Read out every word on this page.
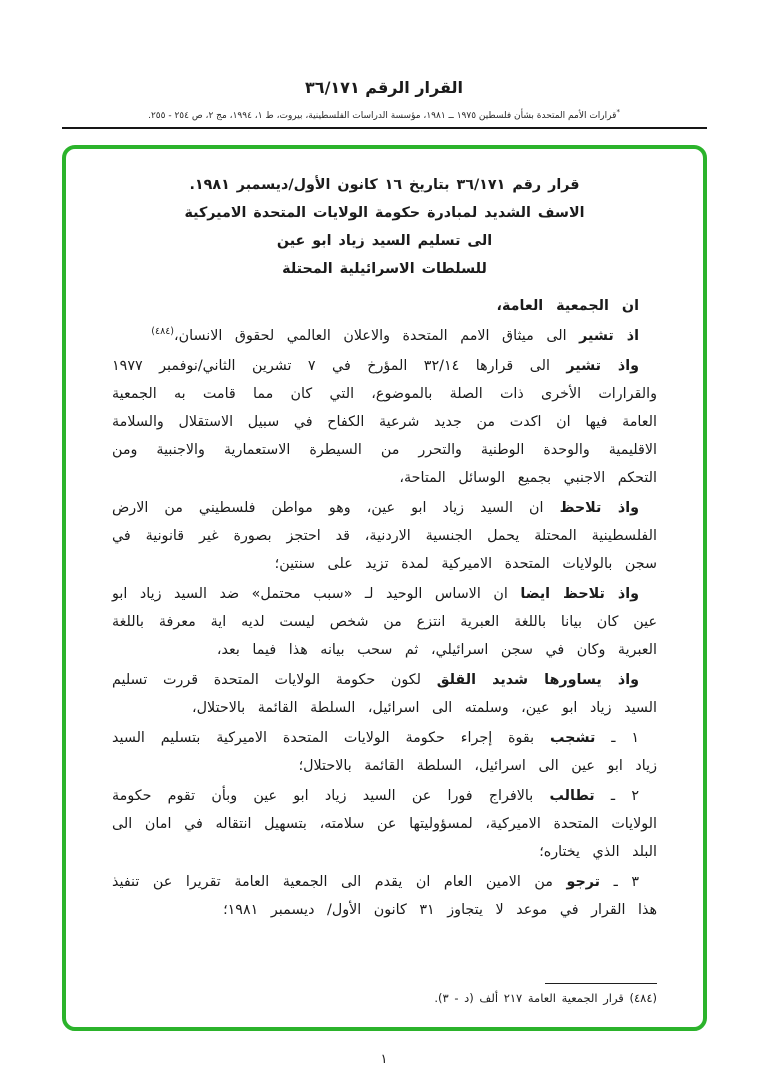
القرار الرقم ٣٦/١٧١
*قرارات الأمم المتحدة بشأن فلسطين ١٩٧٥ ــ ١٩٨١، مؤسسة الدراسات الفلسطينية، بيروت، ط ١، ١٩٩٤، مج ٢، ص ٢٥٤ - ٢٥٥.
قرار رقم ٣٦/١٧١ بتاريخ ١٦ كانون الأول/ديسمبر ١٩٨١.
الاسف الشديد لمبادرة حكومة الولايات المتحدة الاميركية
الى تسليم السيد زياد ابو عين
للسلطات الاسرائيلية المحتلة

ان الجمعية العامة،

اذ تشير الى ميثاق الامم المتحدة والاعلان العالمي لحقوق الانسان،$^{(٤٨٤)}$

واذ تشير الى قرارها ٣٢/١٤ المؤرخ في ٧ تشرين الثاني/نوفمبر ١٩٧٧ والقرارات الأخرى ذات الصلة بالموضوع، التي كان مما قامت به الجمعية العامة فيها ان اكدت من جديد شرعية الكفاح في سبيل الاستقلال والسلامة الاقليمية والوحدة الوطنية والتحرر من السيطرة الاستعمارية والاجنبية ومن التحكم الاجنبي بجميع الوسائل المتاحة،

واذ تلاحظ ان السيد زياد ابو عين، وهو مواطن فلسطيني من الارض الفلسطينية المحتلة يحمل الجنسية الاردنية، قد احتجز بصورة غير قانونية في سجن بالولايات المتحدة الاميركية لمدة تزيد على سنتين؛

واذ تلاحظ ايضا ان الاساس الوحيد لـ «سبب محتمل» ضد السيد زياد ابو عين كان بيانا باللغة العبرية انتزع من شخص ليست لديه اية معرفة باللغة العبرية وكان في سجن اسرائيلي، ثم سحب بيانه هذا فيما بعد،

واذ يساورها شديد القلق لكون حكومة الولايات المتحدة قررت تسليم السيد زياد ابو عين، وسلمته الى اسرائيل، السلطة القائمة بالاحتلال،

١ ـ تشجب بقوة إجراء حكومة الولايات المتحدة الاميركية بتسليم السيد زياد ابو عين الى اسرائيل، السلطة القائمة بالاحتلال؛

٢ ـ تطالب بالافراج فورا عن السيد زياد ابو عين وبأن تقوم حكومة الولايات المتحدة الاميركية، لمسؤوليتها عن سلامته، بتسهيل انتقاله في امان الى البلد الذي يختاره؛

٣ ـ ترجو من الامين العام ان يقدم الى الجمعية العامة تقريرا عن تنفيذ هذا القرار في موعد لا يتجاوز ٣١ كانون الأول/ ديسمبر ١٩٨١؛

(٤٨٤) قرار الجمعية العامة ٢١٧ ألف (د - ٣).
١
